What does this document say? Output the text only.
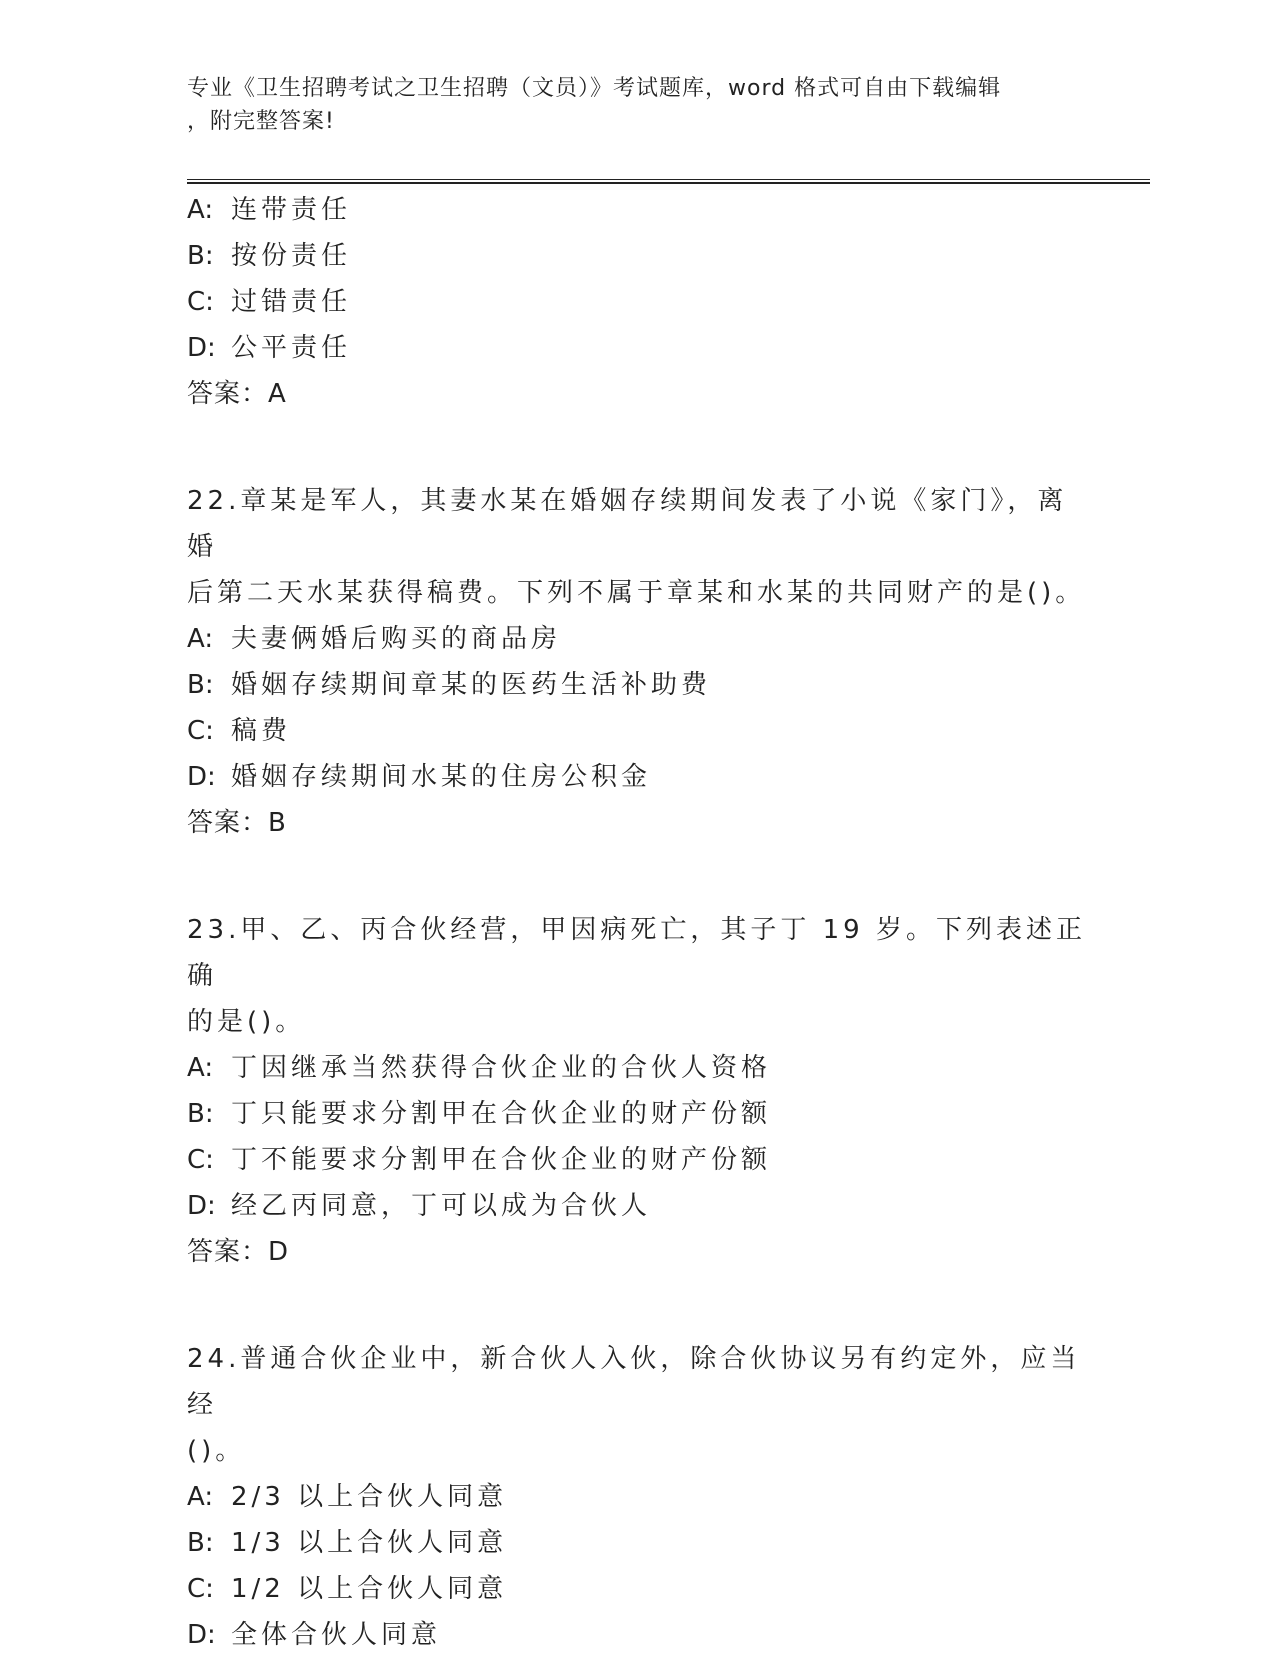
专业《卫生招聘考试之卫生招聘（文员）》考试题库，word 格式可自由下载编辑
，附完整答案!
A: 连带责任
B: 按份责任
C: 过错责任
D: 公平责任
答案：A
22.章某是军人，其妻水某在婚姻存续期间发表了小说《家门》，离婚
后第二天水某获得稿费。下列不属于章某和水某的共同财产的是()。
A: 夫妻俩婚后购买的商品房
B: 婚姻存续期间章某的医药生活补助费
C: 稿费
D: 婚姻存续期间水某的住房公积金
答案：B
23.甲、乙、丙合伙经营，甲因病死亡，其子丁 19 岁。下列表述正确
的是()。
A: 丁因继承当然获得合伙企业的合伙人资格
B: 丁只能要求分割甲在合伙企业的财产份额
C: 丁不能要求分割甲在合伙企业的财产份额
D: 经乙丙同意，丁可以成为合伙人
答案：D
24.普通合伙企业中，新合伙人入伙，除合伙协议另有约定外，应当经
()。
A: 2/3 以上合伙人同意
B: 1/3 以上合伙人同意
C: 1/2 以上合伙人同意
D: 全体合伙人同意
